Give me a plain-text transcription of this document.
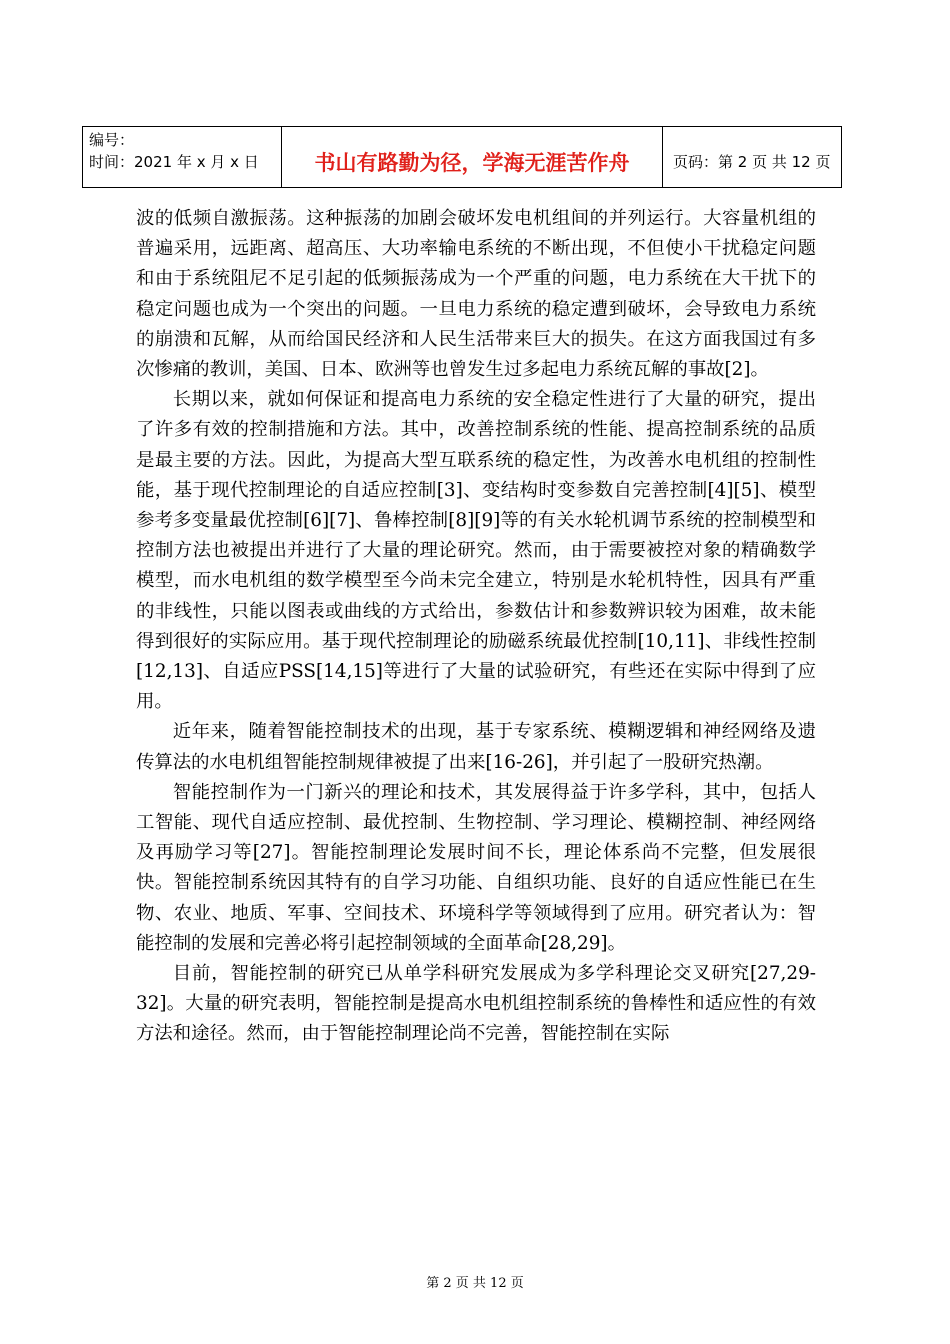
编号：
时间：2021 年 x 月 x 日	书山有路勤为径，学海无涯苦作舟	页码：第 2 页 共 12 页

波的低频自激振荡。这种振荡的加剧会破坏发电机组间的并列运行。大容量机组的普遍采用，远距离、超高压、大功率输电系统的不断出现，不但使小干扰稳定问题和由于系统阻尼不足引起的低频振荡成为一个严重的问题，电力系统在大干扰下的稳定问题也成为一个突出的问题。一旦电力系统的稳定遭到破坏，会导致电力系统的崩溃和瓦解，从而给国民经济和人民生活带来巨大的损失。在这方面我国过有多次惨痛的教训，美国、日本、欧洲等也曾发生过多起电力系统瓦解的事故[2]。

长期以来，就如何保证和提高电力系统的安全稳定性进行了大量的研究，提出了许多有效的控制措施和方法。其中，改善控制系统的性能、提高控制系统的品质是最主要的方法。因此，为提高大型互联系统的稳定性，为改善水电机组的控制性能，基于现代控制理论的自适应控制[3]、变结构时变参数自完善控制[4][5]、模型参考多变量最优控制[6][7]、鲁棒控制[8][9]等的有关水轮机调节系统的控制模型和控制方法也被提出并进行了大量的理论研究。然而，由于需要被控对象的精确数学模型，而水电机组的数学模型至今尚未完全建立，特别是水轮机特性，因具有严重的非线性，只能以图表或曲线的方式给出，参数估计和参数辨识较为困难，故未能得到很好的实际应用。基于现代控制理论的励磁系统最优控制[10,11]、非线性控制[12,13]、自适应PSS[14,15]等进行了大量的试验研究，有些还在实际中得到了应用。

近年来，随着智能控制技术的出现，基于专家系统、模糊逻辑和神经网络及遗传算法的水电机组智能控制规律被提了出来[16-26]，并引起了一股研究热潮。

智能控制作为一门新兴的理论和技术，其发展得益于许多学科，其中，包括人工智能、现代自适应控制、最优控制、生物控制、学习理论、模糊控制、神经网络及再励学习等[27]。智能控制理论发展时间不长，理论体系尚不完整，但发展很快。智能控制系统因其特有的自学习功能、自组织功能、良好的自适应性能已在生物、农业、地质、军事、空间技术、环境科学等领域得到了应用。研究者认为：智能控制的发展和完善必将引起控制领域的全面革命[28,29]。

目前，智能控制的研究已从单学科研究发展成为多学科理论交叉研究[27,29-32]。大量的研究表明，智能控制是提高水电机组控制系统的鲁棒性和适应性的有效方法和途径。然而，由于智能控制理论尚不完善，智能控制在实际

第 2 页 共 12 页
